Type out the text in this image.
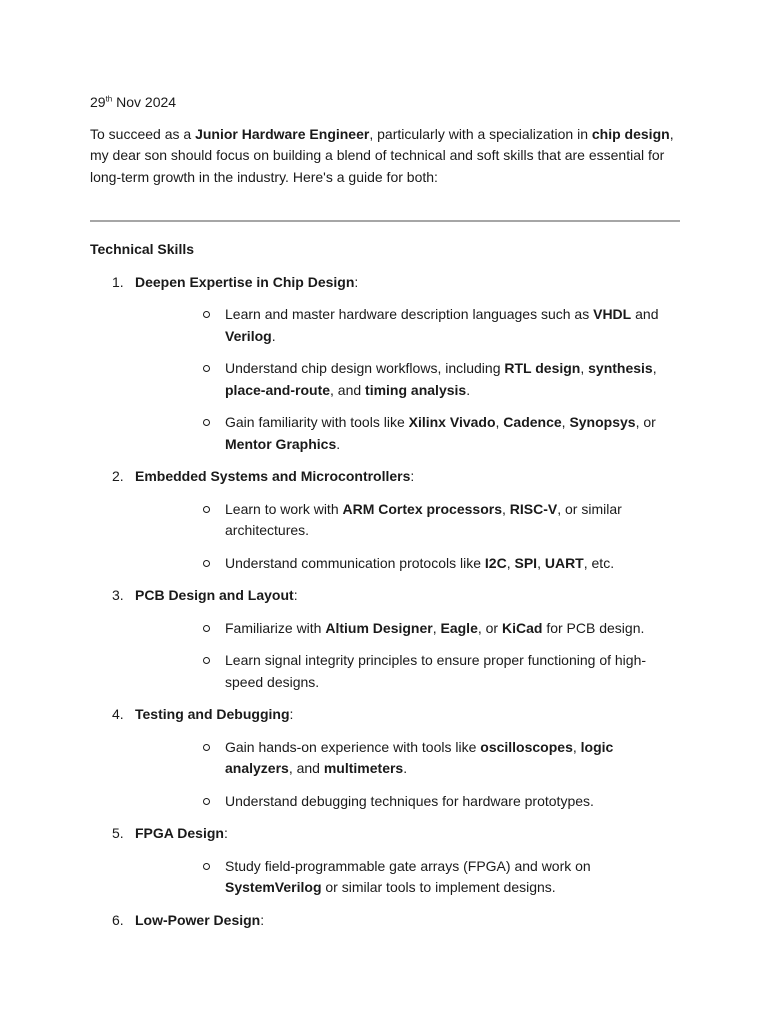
29th Nov 2024

To succeed as a Junior Hardware Engineer, particularly with a specialization in chip design, my dear son should focus on building a blend of technical and soft skills that are essential for long-term growth in the industry. Here's a guide for both:

Technical Skills

1. Deepen Expertise in Chip Design:
Learn and master hardware description languages such as VHDL and Verilog.
Understand chip design workflows, including RTL design, synthesis, place-and-route, and timing analysis.
Gain familiarity with tools like Xilinx Vivado, Cadence, Synopsys, or Mentor Graphics.
2. Embedded Systems and Microcontrollers:
Learn to work with ARM Cortex processors, RISC-V, or similar architectures.
Understand communication protocols like I2C, SPI, UART, etc.
3. PCB Design and Layout:
Familiarize with Altium Designer, Eagle, or KiCad for PCB design.
Learn signal integrity principles to ensure proper functioning of high-speed designs.
4. Testing and Debugging:
Gain hands-on experience with tools like oscilloscopes, logic analyzers, and multimeters.
Understand debugging techniques for hardware prototypes.
5. FPGA Design:
Study field-programmable gate arrays (FPGA) and work on SystemVerilog or similar tools to implement designs.
6. Low-Power Design:
